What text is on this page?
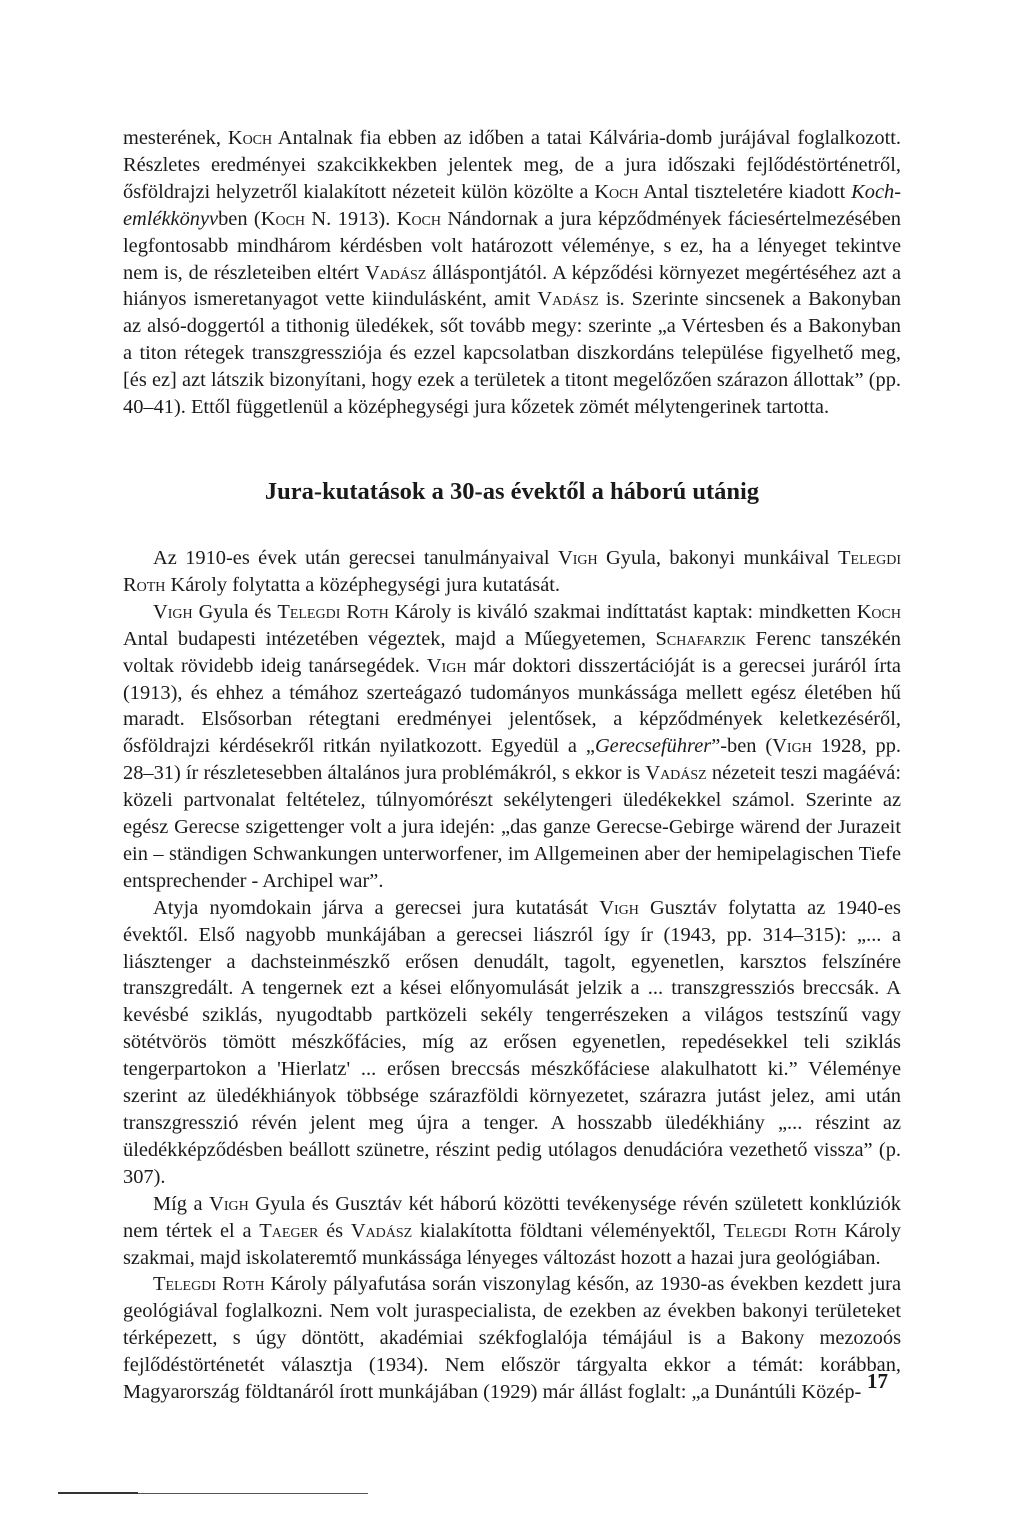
mesterének, Koch Antalnak fia ebben az időben a tatai Kálvária-domb jurájával foglalkozott. Részletes eredményei szakcikkekben jelentek meg, de a jura időszaki fejlődéstörténetről, ősföldrajzi helyzetről kialakított nézeteit külön közölte a Koch Antal tiszteletére kiadott Koch-emlékkönyvben (Koch N. 1913). Koch Nándornak a jura képződmények fáciesértelmezésében legfontosabb mindhárom kérdésben volt határozott véleménye, s ez, ha a lényeget tekintve nem is, de részleteiben eltért Vadász álláspontjától. A képződési környezet megértéséhez azt a hiányos ismeretanyagot vette kiindulásként, amit Vadász is. Szerinte sincsenek a Bakonyban az alsó-doggertól a tithonig üledékek, sőt tovább megy: szerinte „a Vértesben és a Bakonyban a titon rétegek transzgressziója és ezzel kapcsolatban diszkordáns települése figyelhető meg, [és ez] azt látszik bizonyítani, hogy ezek a területek a titont megelőzően szárazon állottak” (pp. 40–41). Ettől függetlenül a középhegységi jura kőzetek zömét mélytengerinek tartotta.

Jura-kutatások a 30-as évektől a háború utánig

Az 1910-es évek után gerecsei tanulmányaival Vigh Gyula, bakonyi munkáival Telegdi Roth Károly folytatta a középhegységi jura kutatását.

Vigh Gyula és Telegdi Roth Károly is kiváló szakmai indíttatást kaptak: mindketten Koch Antal budapesti intézetében végeztek, majd a Műegyetemen, Schafarzik Ferenc tanszékén voltak rövidebb ideig tanársegédek. Vigh már doktori disszertációját is a gerecsei juráról írta (1913), és ehhez a témához szerteágazó tudományos munkássága mellett egész életében hű maradt. Elsősorban rétegtani eredményei jelentősek, a képződmények keletkezéséről, ősföldrajzi kérdésekről ritkán nyilatkozott. Egyedül a „Gerecseführer”-ben (Vigh 1928, pp. 28–31) ír részletesebben általános jura problémákról, s ekkor is Vadász nézeteit teszi magáévá: közeli partvonalat feltételez, túlnyomórészt sekélytengeri üledékekkel számol. Szerinte az egész Gerecse szigettenger volt a jura idején: „das ganze Gerecse-Gebirge wärend der Jurazeit ein – ständigen Schwankungen unterworfener, im Allgemeinen aber der hemipelagischen Tiefe entsprechender - Archipel war”.

Atyja nyomdokain járva a gerecsei jura kutatását Vigh Gusztáv folytatta az 1940-es évektől. Első nagyobb munkájában a gerecsei liászról így ír (1943, pp. 314–315): „... a liásztenger a dachsteinmészkő erősen denudált, tagolt, egyenetlen, karsztos felszínére transzgredált. A tengernek ezt a kései előnyomulását jelzik a ... transzgressziós breccsák. A kevésbé sziklás, nyugodtabb partközeli sekély tengerrészeken a világos testszínű vagy sötétvörös tömött mészkőfácies, míg az erősen egyenetlen, repedésekkel teli sziklás tengerpartokon a 'Hierlatz' ... erősen breccsás mészkőfáciese alakulhatott ki.” Véleménye szerint az üledékhiányok többsége szárazföldi környezetet, szárazra jutást jelez, ami után transzgresszió révén jelent meg újra a tenger. A hosszabb üledékhiány „... részint az üledékképződésben beállott szünetre, részint pedig utólagos denudációra vezethető vissza” (p. 307).

Míg a Vigh Gyula és Gusztáv két háború közötti tevékenysége révén született konklúziók nem tértek el a Taeger és Vadász kialakította földtani véleményektől, Telegdi Roth Károly szakmai, majd iskolateremtő munkássága lényeges változást hozott a hazai jura geológiában.

Telegdi Roth Károly pályafutása során viszonylag későn, az 1930-as években kezdett jura geológiával foglalkozni. Nem volt juraspecialista, de ezekben az években bakonyi területeket térképezett, s úgy döntött, akadémiai székfoglalója témájául is a Bakony mezozoós fejlődéstörténetét választja (1934). Nem először tárgyalta ekkor a témát: korábban, Magyarország földtanáról írott munkájában (1929) már állást foglalt: „a Dunántúli Közép- 17
